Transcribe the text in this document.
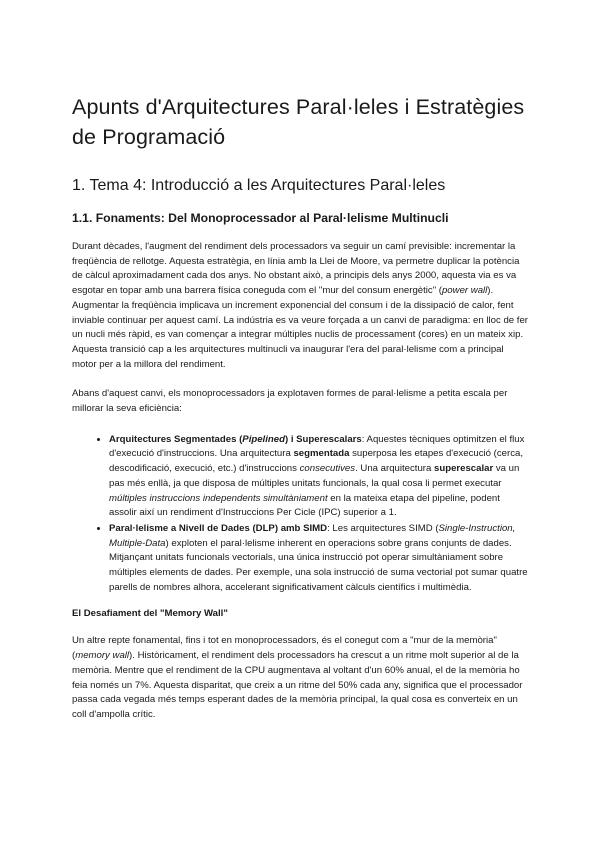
Apunts d'Arquitectures Paral·leles i Estratègies de Programació
1. Tema 4: Introducció a les Arquitectures Paral·leles
1.1. Fonaments: Del Monoprocessador al Paral·lelisme Multinucli

Durant dècades, l'augment del rendiment dels processadors va seguir un camí previsible: incrementar la freqüència de rellotge. Aquesta estratègia, en línia amb la Llei de Moore, va permetre duplicar la potència de càlcul aproximadament cada dos anys. No obstant això, a principis dels anys 2000, aquesta via es va esgotar en topar amb una barrera física coneguda com el "mur del consum energètic" (power wall). Augmentar la freqüència implicava un increment exponencial del consum i de la dissipació de calor, fent inviable continuar per aquest camí. La indústria es va veure forçada a un canvi de paradigma: en lloc de fer un nucli més ràpid, es van començar a integrar múltiples nuclis de processament (cores) en un mateix xip. Aquesta transició cap a les arquitectures multinucli va inaugurar l'era del paral·lelisme com a principal motor per a la millora del rendiment.

Abans d'aquest canvi, els monoprocessadors ja explotaven formes de paral·lelisme a petita escala per millorar la seva eficiència:

• Arquitectures Segmentades (Pipelined) i Superescalars: Aquestes tècniques optimitzen el flux d'execució d'instruccions. Una arquitectura segmentada superposa les etapes d'execució (cerca, descodificació, execució, etc.) d'instruccions consecutives. Una arquitectura superescalar va un pas més enllà, ja que disposa de múltiples unitats funcionals, la qual cosa li permet executar múltiples instruccions independents simultàniament en la mateixa etapa del pipeline, podent assolir així un rendiment d'Instruccions Per Cicle (IPC) superior a 1.
• Paral·lelisme a Nivell de Dades (DLP) amb SIMD: Les arquitectures SIMD (Single-Instruction, Multiple-Data) exploten el paral·lelisme inherent en operacions sobre grans conjunts de dades. Mitjançant unitats funcionals vectorials, una única instrucció pot operar simultàniament sobre múltiples elements de dades. Per exemple, una sola instrucció de suma vectorial pot sumar quatre parells de nombres alhora, accelerant significativament càlculs científics i multimèdia.
El Desafiament del "Memory Wall"

Un altre repte fonamental, fins i tot en monoprocessadors, és el conegut com a "mur de la memòria" (memory wall). Històricament, el rendiment dels processadors ha crescut a un ritme molt superior al de la memòria. Mentre que el rendiment de la CPU augmentava al voltant d'un 60% anual, el de la memòria ho feia només un 7%. Aquesta disparitat, que creix a un ritme del 50% cada any, significa que el processador passa cada vegada més temps esperant dades de la memòria principal, la qual cosa es converteix en un coll d'ampolla crític.
